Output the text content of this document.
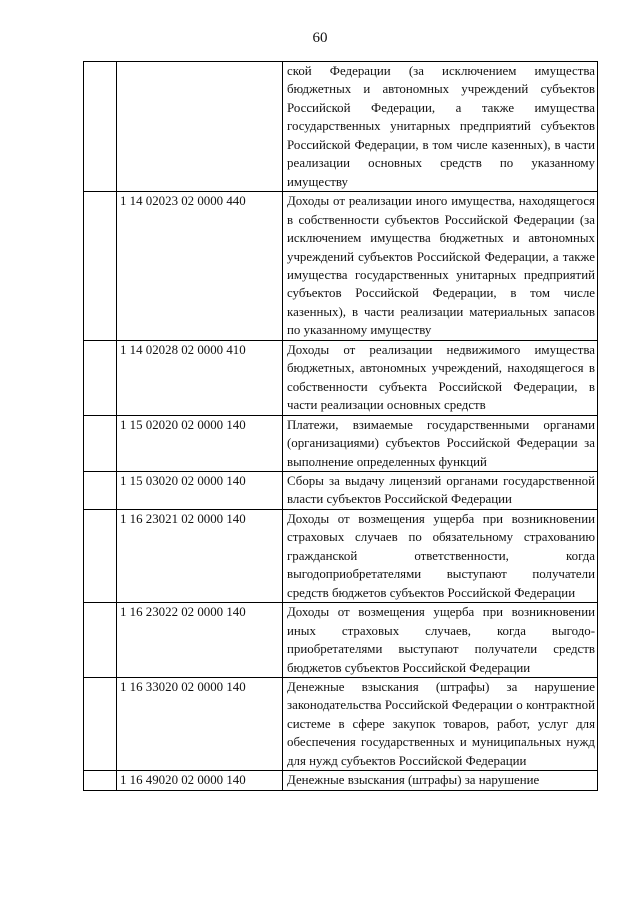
60
		ской Федерации (за исключением имущества бюджетных и автономных учреждений субъектов Российской Федерации, а также имущества государственных унитарных предприятий субъектов Российской Федерации, в том числе казенных), в части реализации основных средств по указанному имуществу
	1 14 02023 02 0000 440	Доходы от реализации иного имущества, находящегося в собственности субъектов Российской Федерации (за исключением имущества бюджетных и автономных учреждений субъектов Российской Федерации, а также имущества государственных унитарных предприятий субъектов Российской Федерации, в том числе казенных), в части реализации материальных запасов по указанному имуществу
	1 14 02028 02 0000 410	Доходы от реализации недвижимого имущества бюджетных, автономных учреждений, находящегося в собственности субъекта Российской Федерации, в части реализации основных средств
	1 15 02020 02 0000 140	Платежи, взимаемые государственными органами (организациями) субъектов Российской Федерации за выполнение определенных функций
	1 15 03020 02 0000 140	Сборы за выдачу лицензий органами государственной власти субъектов Российской Федерации
	1 16 23021 02 0000 140	Доходы от возмещения ущерба при возникновении страховых случаев по обязательному страхованию гражданской ответственности, когда выгодоприобретателями выступают получатели средств бюджетов субъектов Российской Федерации
	1 16 23022 02 0000 140	Доходы от возмещения ущерба при возникновении иных страховых случаев, когда выгодоприобретателями выступают получатели средств бюджетов субъектов Российской Федерации
	1 16 33020 02 0000 140	Денежные взыскания (штрафы) за нарушение законодательства Российской Федерации о контрактной системе в сфере закупок товаров, работ, услуг для обеспечения государственных и муниципальных нужд для нужд субъектов Российской Федерации
	1 16 49020 02 0000 140	Денежные взыскания (штрафы) за нарушение
